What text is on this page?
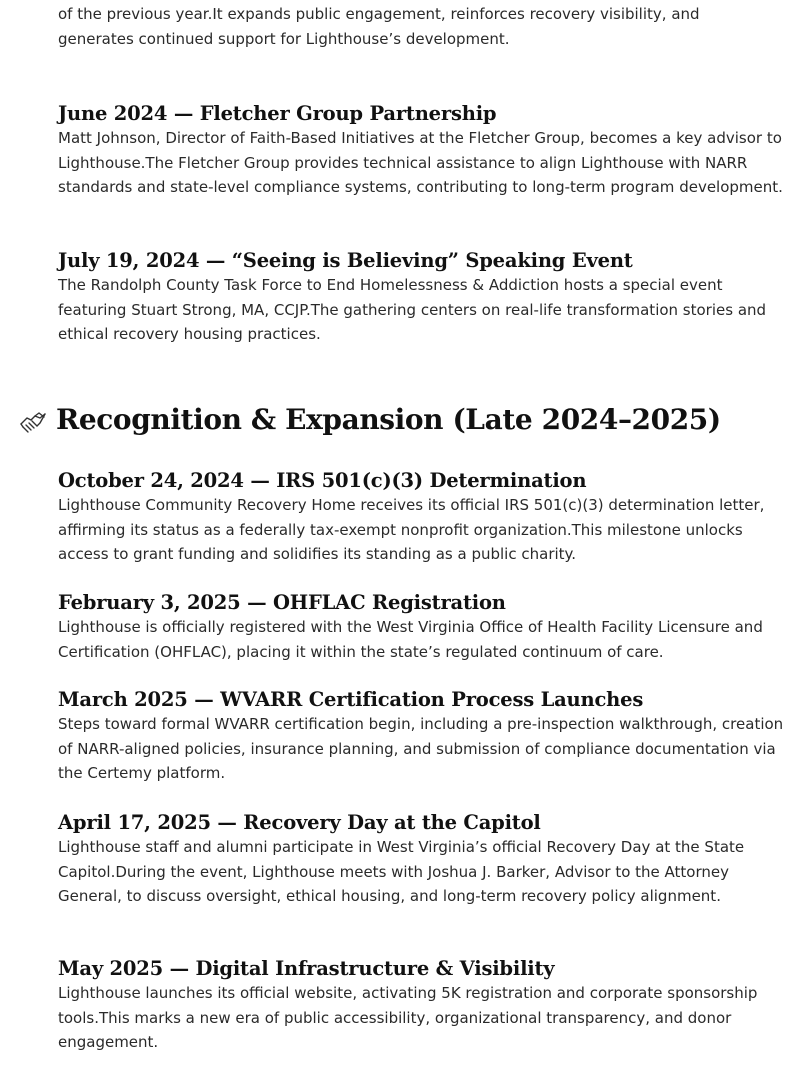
of the previous year.It expands public engagement, reinforces recovery visibility, and generates continued support for Lighthouse’s development.

June 2024 — Fletcher Group Partnership

Matt Johnson, Director of Faith-Based Initiatives at the Fletcher Group, becomes a key advisor to Lighthouse.The Fletcher Group provides technical assistance to align Lighthouse with NARR standards and state-level compliance systems, contributing to long-term program development.

July 19, 2024 — “Seeing is Believing” Speaking Event

The Randolph County Task Force to End Homelessness & Addiction hosts a special event featuring Stuart Strong, MA, CCJP.The gathering centers on real-life transformation stories and ethical recovery housing practices.

Recognition & Expansion (Late 2024–2025)
October 24, 2024 — IRS 501(c)(3) Determination

Lighthouse Community Recovery Home receives its official IRS 501(c)(3) determination letter, affirming its status as a federally tax-exempt nonprofit organization.This milestone unlocks access to grant funding and solidifies its standing as a public charity.

February 3, 2025 — OHFLAC Registration

Lighthouse is officially registered with the West Virginia Office of Health Facility Licensure and Certification (OHFLAC), placing it within the state’s regulated continuum of care.

March 2025 — WVARR Certification Process Launches

Steps toward formal WVARR certification begin, including a pre-inspection walkthrough, creation of NARR-aligned policies, insurance planning, and submission of compliance documentation via the Certemy platform.

April 17, 2025 — Recovery Day at the Capitol

Lighthouse staff and alumni participate in West Virginia’s official Recovery Day at the State Capitol.During the event, Lighthouse meets with Joshua J. Barker, Advisor to the Attorney General, to discuss oversight, ethical housing, and long-term recovery policy alignment.

May 2025 — Digital Infrastructure & Visibility

Lighthouse launches its official website, activating 5K registration and corporate sponsorship tools.This marks a new era of public accessibility, organizational transparency, and donor engagement.
